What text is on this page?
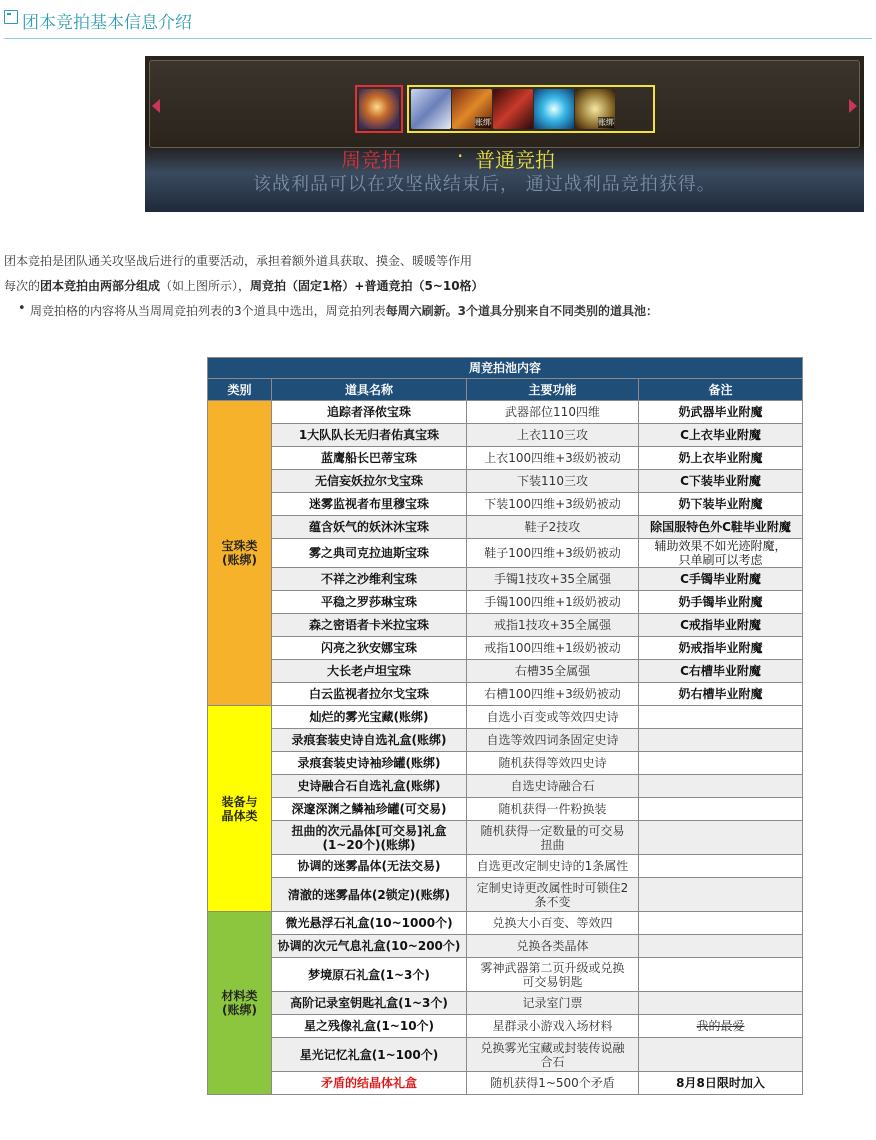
团本竞拍基本信息介绍
账绑	账绑
周竞拍	· 普通竞拍
该战利品可以在攻坚战结束后， 通过战利品竞拍获得。
团本竞拍是团队通关攻坚战后进行的重要活动，承担着额外道具获取、摸金、暖暖等作用
每次的团本竞拍由两部分组成（如上图所示），周竞拍（固定1格）+普通竞拍（5~10格）
• 周竞拍格的内容将从当周周竞拍列表的3个道具中选出，周竞拍列表每周六刷新。3个道具分别来自不同类别的道具池：
周竞拍池内容			
类别	道具名称	主要功能	备注
宝珠类
(账绑)	追踪者泽侬宝珠	武器部位110四维	奶武器毕业附魔
	1大队队长无归者佑真宝珠	上衣110三攻	C上衣毕业附魔
	蓝鹰船长巴蒂宝珠	上衣100四维+3级奶被动	奶上衣毕业附魔
	无信妄妖拉尔戈宝珠	下装110三攻	C下装毕业附魔
	迷雾监视者布里穆宝珠	下装100四维+3级奶被动	奶下装毕业附魔
	蕴含妖气的妖沐沐宝珠	鞋子2技攻	除国服特色外C鞋毕业附魔
	雾之典司克拉迪斯宝珠	鞋子100四维+3级奶被动	辅助效果不如光迹附魔，
只单刷可以考虑
	不祥之沙维利宝珠	手镯1技攻+35全属强	C手镯毕业附魔
	平稳之罗莎琳宝珠	手镯100四维+1级奶被动	奶手镯毕业附魔
	森之密语者卡米拉宝珠	戒指1技攻+35全属强	C戒指毕业附魔
	闪亮之狄安娜宝珠	戒指100四维+1级奶被动	奶戒指毕业附魔
	大长老卢坦宝珠	右槽35全属强	C右槽毕业附魔
	白云监视者拉尔戈宝珠	右槽100四维+3级奶被动	奶右槽毕业附魔
装备与
晶体类	灿烂的雾光宝藏(账绑)	自选小百变或等效四史诗	
	录痕套装史诗自选礼盒(账绑)	自选等效四词条固定史诗	
	录痕套装史诗袖珍罐(账绑)	随机获得等效四史诗	
	史诗融合石自选礼盒(账绑)	自选史诗融合石	
	深邃深渊之鳞袖珍罐(可交易)	随机获得一件粉换装	
	扭曲的次元晶体[可交易]礼盒
(1~20个)(账绑)	随机获得一定数量的可交易
扭曲	
	协调的迷雾晶体(无法交易)	自选更改定制史诗的1条属性	
	清澈的迷雾晶体(2锁定)(账绑)	定制史诗更改属性时可锁住2
条不变	
材料类
(账绑)	微光悬浮石礼盒(10~1000个)	兑换大小百变、等效四	
	协调的次元气息礼盒(10~200个)	兑换各类晶体	
	梦境原石礼盒(1~3个)	雾神武器第二页升级或兑换
可交易钥匙	
	高阶记录室钥匙礼盒(1~3个)	记录室门票	
	星之残像礼盒(1~10个)	星群录小游戏入场材料	我的最爱
	星光记忆礼盒(1~100个)	兑换雾光宝藏或封装传说融
合石	
	矛盾的结晶体礼盒	随机获得1~500个矛盾	8月8日限时加入
